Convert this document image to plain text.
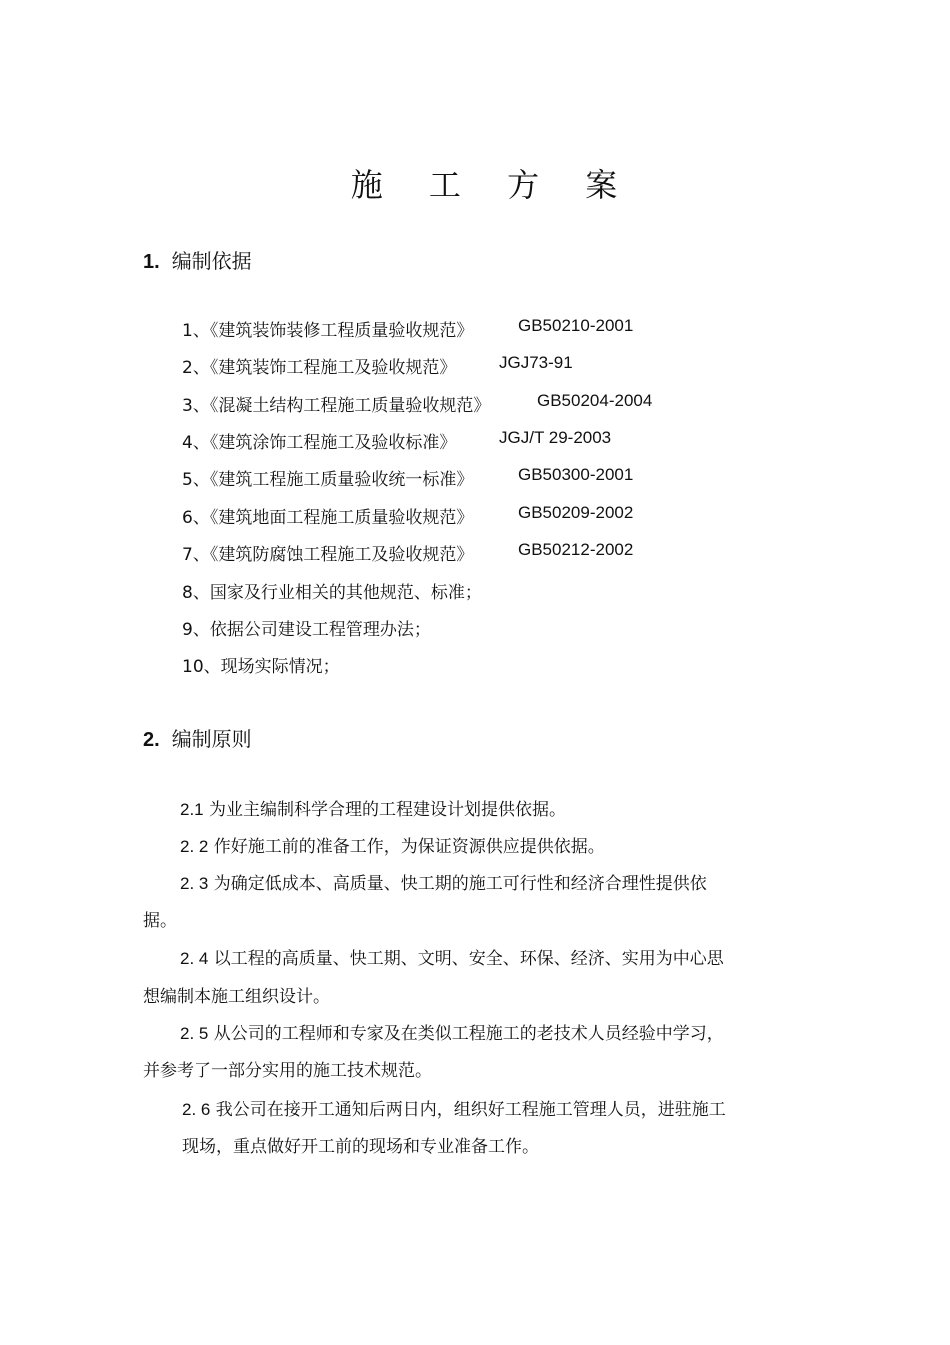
施 工 方 案
1. 编制依据
1、《建筑装饰装修工程质量验收规范》	GB50210-2001
2、《建筑装饰工程施工及验收规范》	JGJ73-91
3、《混凝土结构工程施工质量验收规范》	GB50204-2004
4、《建筑涂饰工程施工及验收标准》	JGJ/T 29-2003
5、《建筑工程施工质量验收统一标准》	GB50300-2001
6、《建筑地面工程施工质量验收规范》	GB50209-2002
7、《建筑防腐蚀工程施工及验收规范》	GB50212-2002
8、国家及行业相关的其他规范、标准；
9、依据公司建设工程管理办法；
10、现场实际情况；
2. 编制原则
2.1 为业主编制科学合理的工程建设计划提供依据。
2. 2 作好施工前的准备工作，为保证资源供应提供依据。
2. 3 为确定低成本、高质量、快工期的施工可行性和经济合理性提供依
据。
2. 4 以工程的高质量、快工期、文明、安全、环保、经济、实用为中心思
想编制本施工组织设计。
2. 5 从公司的工程师和专家及在类似工程施工的老技术人员经验中学习，
并参考了一部分实用的施工技术规范。
2. 6 我公司在接开工通知后两日内，组织好工程施工管理人员，进驻施工
现场，重点做好开工前的现场和专业准备工作。
